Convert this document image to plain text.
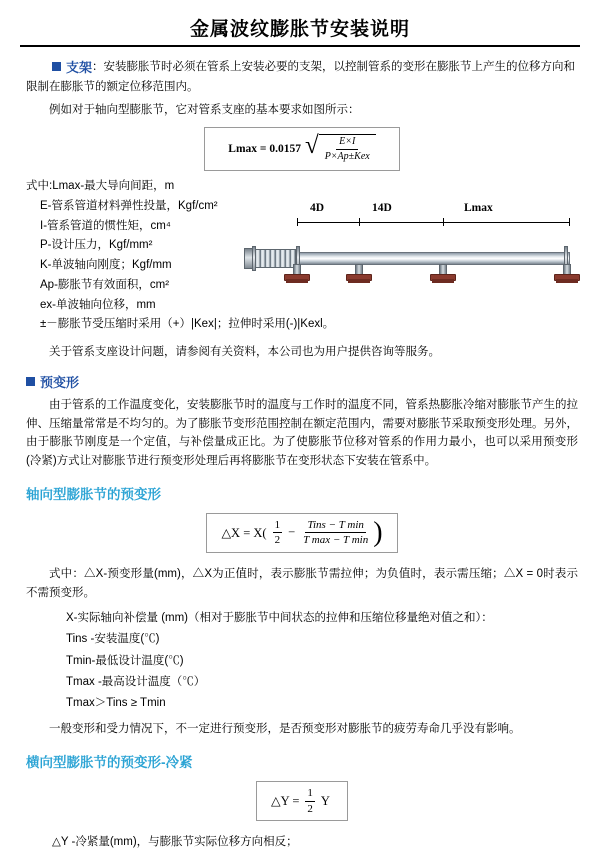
金属波纹膨胀节安装说明
支架：安装膨胀节时必须在管系上安装必要的支架，以控制管系的变形在膨胀节上产生的位移方向和限制在膨胀节的额定位移范围内。

例如对于轴向型膨胀节，它对管系支座的基本要求如图所示：

Lmax = 0.0157 √ $\frac{E\times I}{\text{P×Ap±Kex}}$
式中:Lmax-最大导向间距，m
E-管系管道材料弹性投量，Kgf/cm²
I-管系管道的惯性矩，cm⁴
P-设计压力，Kgf/mm²
K-单波轴向刚度；Kgf/mm
Ap-膨胀节有效面积，cm²
ex-单波轴向位移，mm
±－膨胀节受压缩时采用（+）|Kex|；拉伸时采用(-)|Kexl。

关于管系支座设计问题，请参阅有关资料，本公司也为用户提供咨询等服务。

预变形

由于管系的工作温度变化，安装膨胀节时的温度与工作时的温度不同，管系热膨胀冷缩对膨胀节产生的拉伸、压缩量常常是不均匀的。为了膨胀节变形范围控制在额定范围内，需要对膨胀节采取预变形处理。另外，由于膨胀节刚度是一个定值，与补偿量成正比。为了使膨胀节位移对管系的作用力最小，也可以采用预变形(冷紧)方式让对膨胀节进行预变形处理后再将膨胀节在变形状态下安装在管系中。

轴向型膨胀节的预变形
△X = $X( \frac{1}{2} - \frac{\text{Tins − T min}}{\text{T max − T min}}$ )

式中：△X-预变形量(mm)，△X为正值时，表示膨胀节需拉伸；为负值时，表示需压缩；△X = 0时表示不需预变形。

X-实际轴向补偿量 (mm)（相对于膨胀节中间状态的拉伸和压缩位移量绝对值之和）：
Tins -安装温度(℃)
Tmin-最低设计温度(℃)
Tmax -最高设计温度（℃）
Tmax＞Tins ≥ Tmin

一般变形和受力情况下，不一定进行预变形，是否预变形对膨胀节的疲劳寿命几乎没有影响。

横向型膨胀节的预变形-冷紧
△Y = $\frac{1}{2}$ Y
△Y -冷紧量(mm)，与膨胀节实际位移方向相反；
4D	14D	Lmax
